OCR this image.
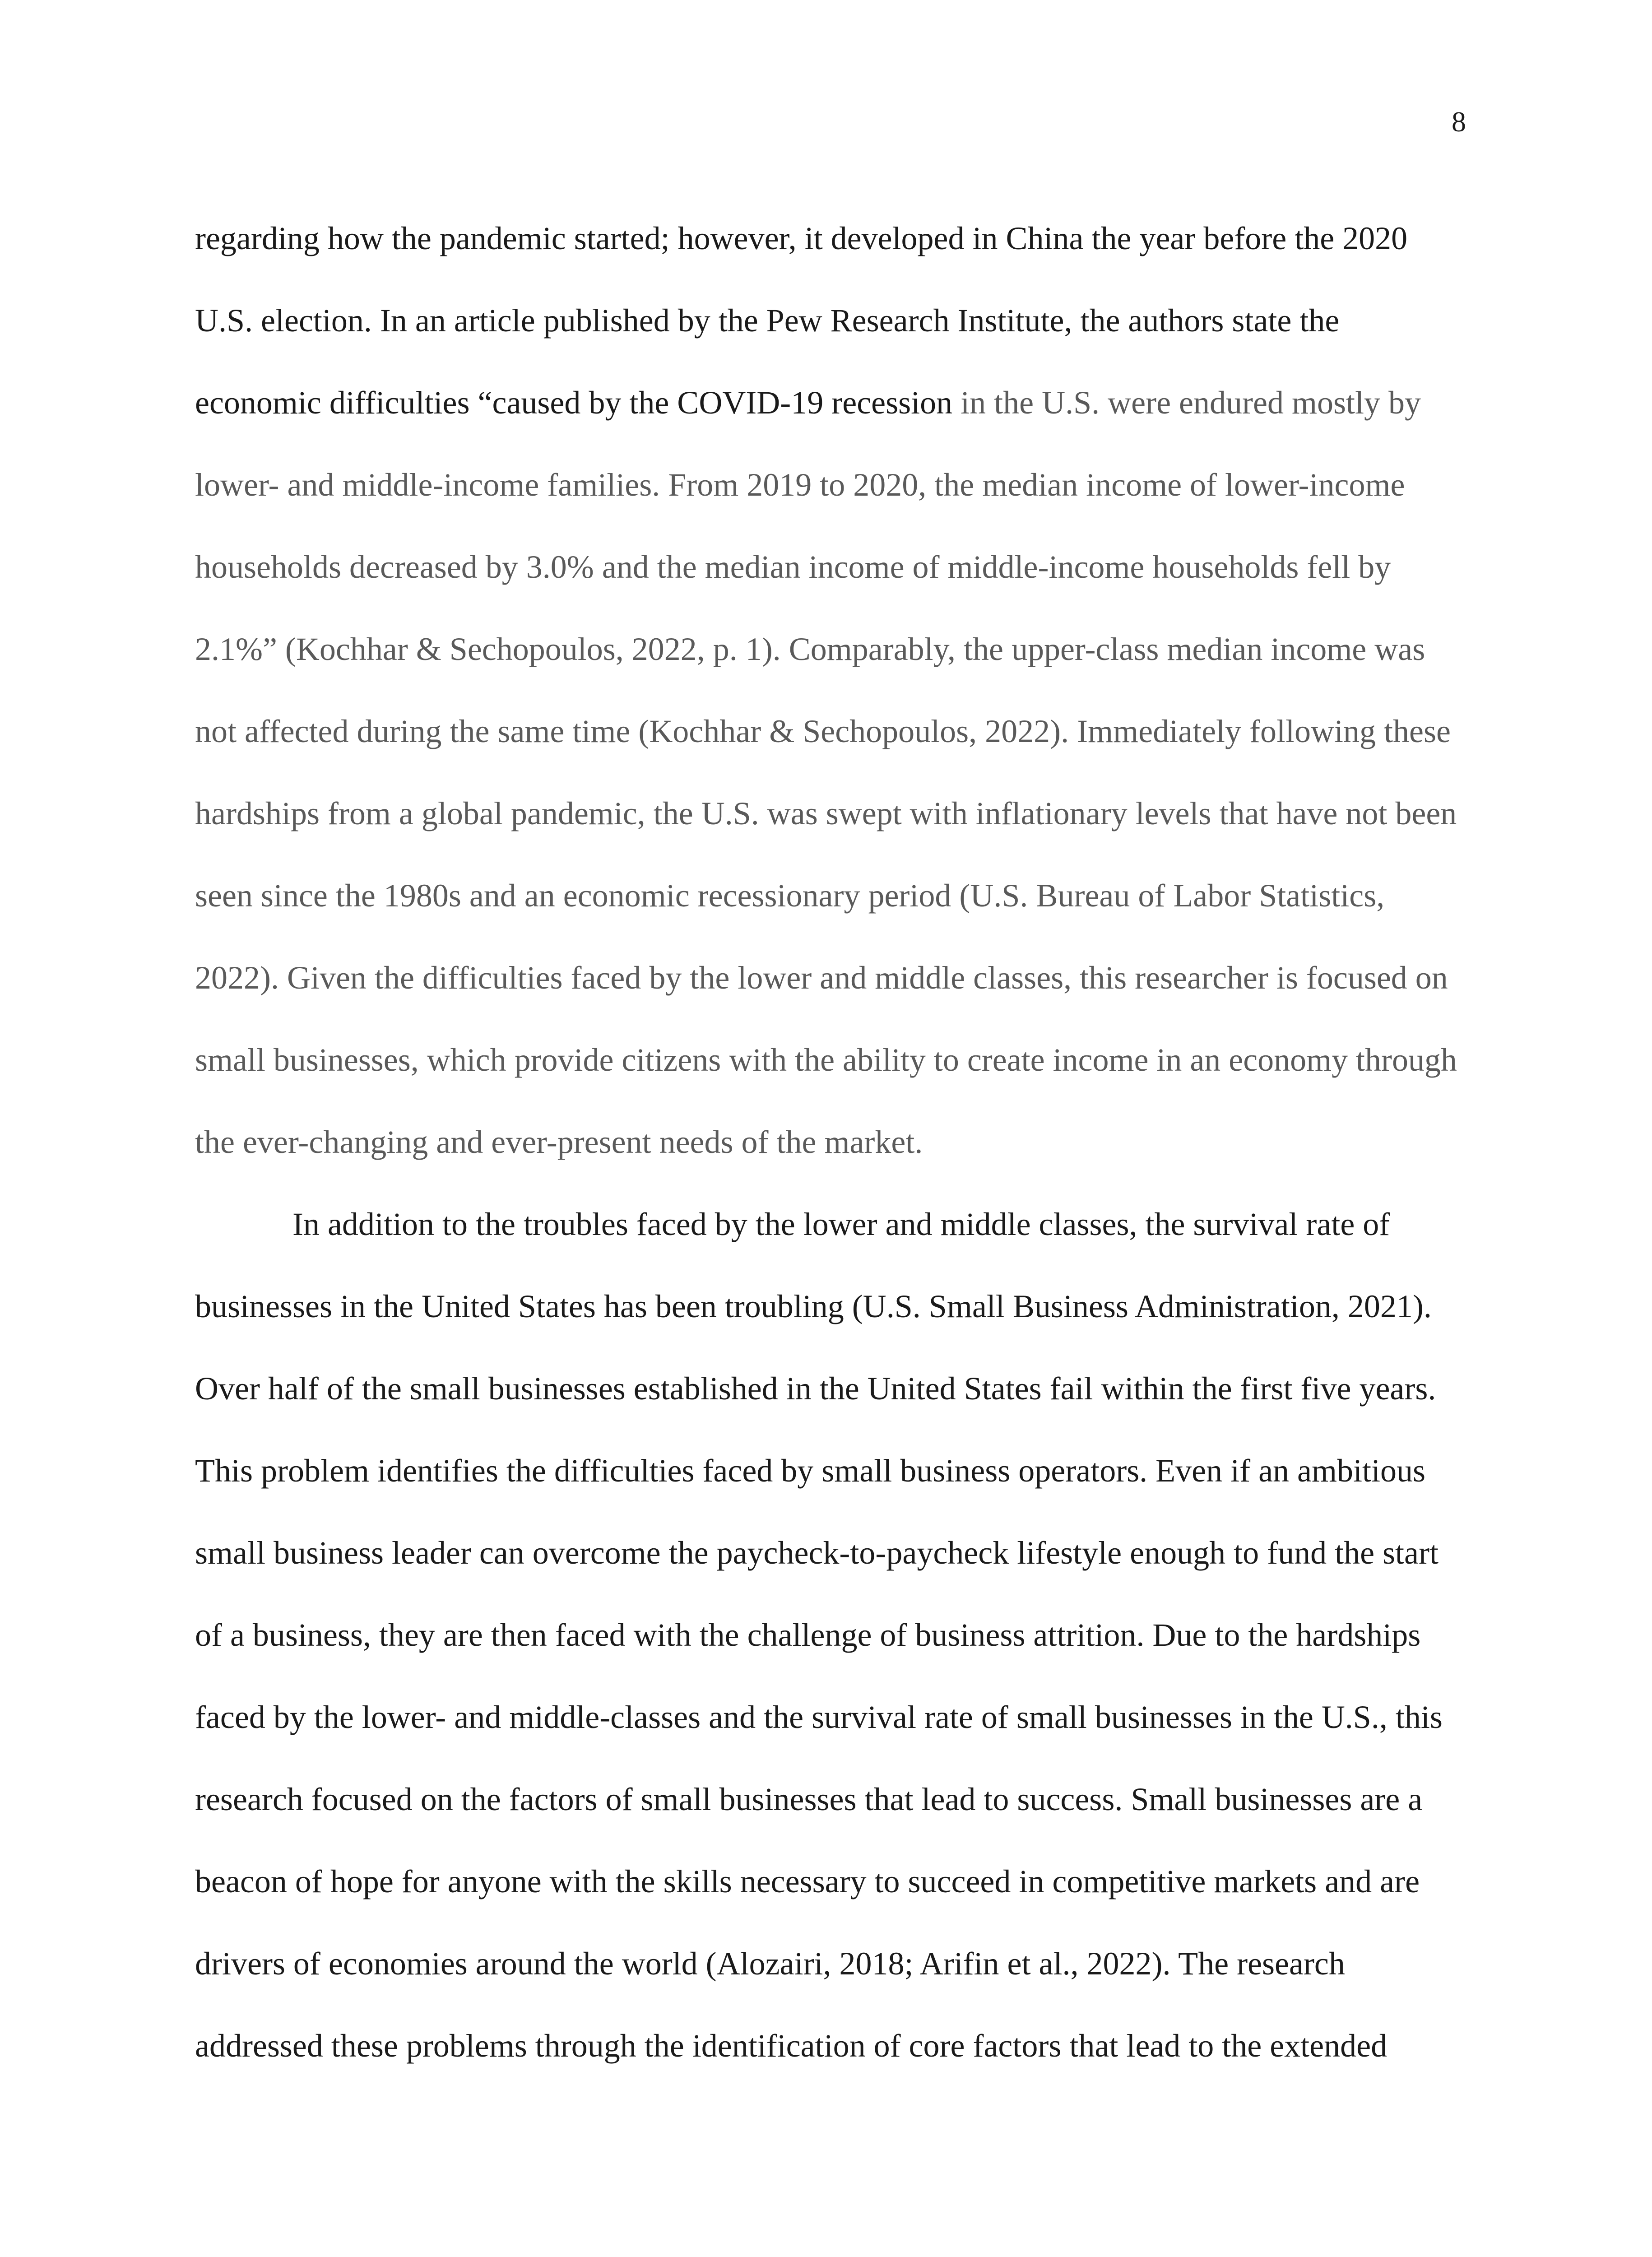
8
regarding how the pandemic started; however, it developed in China the year before the 2020
U.S. election. In an article published by the Pew Research Institute, the authors state the
economic difficulties “caused by the COVID-19 recession in the U.S. were endured mostly by
lower- and middle-income families. From 2019 to 2020, the median income of lower-income
households decreased by 3.0% and the median income of middle-income households fell by
2.1%” (Kochhar & Sechopoulos, 2022, p. 1). Comparably, the upper-class median income was
not affected during the same time (Kochhar & Sechopoulos, 2022). Immediately following these
hardships from a global pandemic, the U.S. was swept with inflationary levels that have not been
seen since the 1980s and an economic recessionary period (U.S. Bureau of Labor Statistics,
2022). Given the difficulties faced by the lower and middle classes, this researcher is focused on
small businesses, which provide citizens with the ability to create income in an economy through
the ever-changing and ever-present needs of the market.
In addition to the troubles faced by the lower and middle classes, the survival rate of
businesses in the United States has been troubling (U.S. Small Business Administration, 2021).
Over half of the small businesses established in the United States fail within the first five years.
This problem identifies the difficulties faced by small business operators. Even if an ambitious
small business leader can overcome the paycheck-to-paycheck lifestyle enough to fund the start
of a business, they are then faced with the challenge of business attrition. Due to the hardships
faced by the lower- and middle-classes and the survival rate of small businesses in the U.S., this
research focused on the factors of small businesses that lead to success. Small businesses are a
beacon of hope for anyone with the skills necessary to succeed in competitive markets and are
drivers of economies around the world (Alozairi, 2018; Arifin et al., 2022). The research
addressed these problems through the identification of core factors that lead to the extended
